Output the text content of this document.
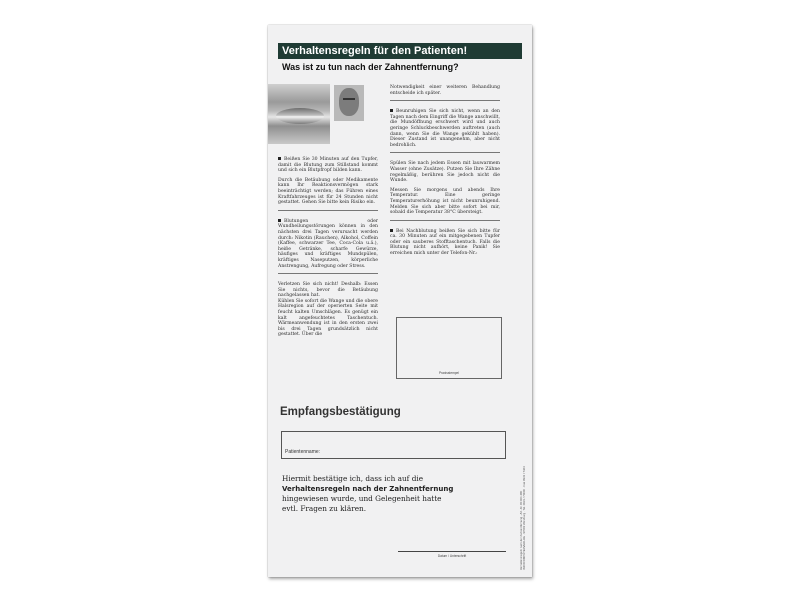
Verhaltensregeln für den Patienten!
Was ist zu tun nach der Zahnentfernung?

Beißen Sie 30 Minuten auf den Tupfer, damit die Blutung zum Stillstand kommt und sich ein Blutpfropf bilden kann.

Durch die Betäubung oder Medikamente kann Ihr Reaktionsvermögen stark beeinträchtigt werden; das Führen eines Kraftfahrzeuges ist für 24 Stunden nicht gestattet. Gehen Sie bitte kein Risiko ein.

Blutungen oder Wundheilungsstörungen können in den nächsten drei Tagen verursacht werden durch: Nikotin (Rauchen), Alkohol, Coffein (Kaffee, schwarzer Tee, Coca-Cola u.ä.), heiße Getränke, scharfe Gewürze, häufiges und kräftiges Mundspülen, kräftiges Naseputzen, körperliche Anstrengung, Aufregung oder Stress.

Verletzen Sie sich nicht! Deshalb: Essen Sie nichts, bevor die Betäubung nachgelassen hat.

Kühlen Sie sofort die Wange und die obere Halsregion auf der operierten Seite mit feucht kalten Umschlägen. Es genügt ein kalt angefeuchtetes Taschentuch. Wärmeanwendung ist in den ersten zwei bis drei Tagen grundsätzlich nicht gestattet. Über die

Notwendigkeit einer weiteren Behandlung entscheide ich später.

Beunruhigen Sie sich nicht, wenn an den Tagen nach dem Eingriff die Wange anschwillt, die Mundöffnung erschwert wird und auch geringe Schluckbeschwerden auftreten (auch dann, wenn Sie die Wange gekühlt haben). Dieser Zustand ist unangenehm, aber nicht bedrohlich.

Spülen Sie nach jedem Essen mit lauwarmem Wasser (ohne Zusätze). Putzen Sie Ihre Zähne regelmäßig, berühren Sie jedoch nicht die Wunde.

Messen Sie morgens und abends Ihre Temperatur. Eine geringe Temperaturerhöhung ist nicht beunruhigend. Melden Sie sich aber bitte sofort bei mir, sobald die Temperatur 38°C übersteigt.

Bei Nachblutung beißen Sie sich bitte für ca. 30 Minuten auf ein mitgegebenen Tupfer oder ein sauberes Stofftaschentuch. Falls die Blutung nicht aufhört, keine Panik! Sie erreichen mich unter der Telefon-Nr.:

Praxisstempel
Empfangsbestätigung
Patientenname:
Hiermit bestätige ich, dass ich auf die
Verhaltensregeln nach der Zahnentfernung
hingewiesen wurde, und Gelegenheit hatte
evtl. Fragen zu klären.
Datum / Unterschrift	Verhaltensregeln nach der Zahnentfernung · Art.-Nr. 80 001 480 INFOCOMPUTERVERLAG · 97082 Würzburg · Tel. 0931 / 70000 · Fax 0931 / 7364
